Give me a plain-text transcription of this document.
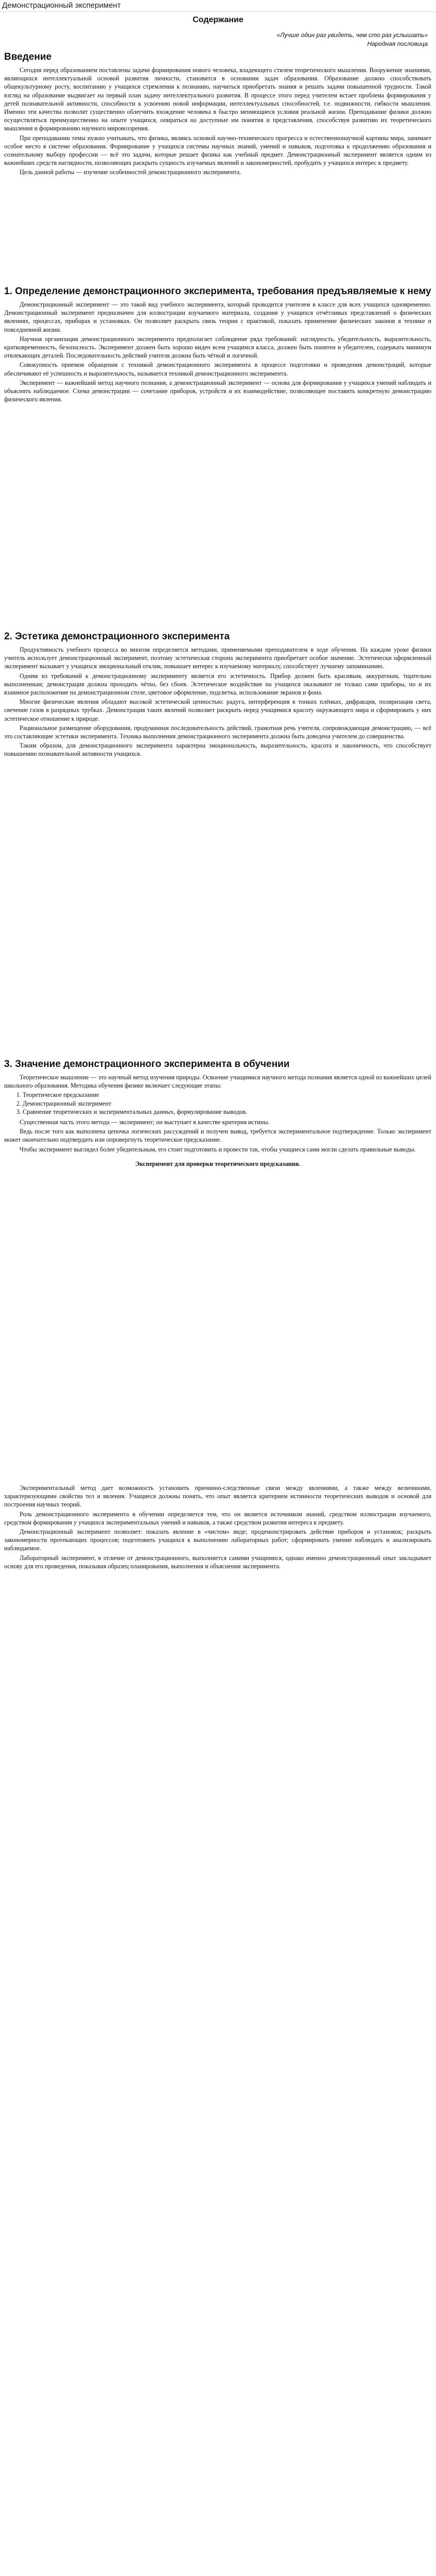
Демонстрационный эксперимент
Содержание
«Лучше один раз увидеть, чем сто раз услышать»
Народная пословица
Введение
Сегодня перед образованием поставлены задачи формирования нового человека, владеющего стилем теоретического мышления. Вооружение знаниями, являющихся интеллектуальной основой развития личности, становится в основании задач образования. Образование должно способствовать общекультурному росту, воспитанию у учащихся стремления к познанию, научиться приобретать знания и решать задачи повышенной трудности. Такой взгляд на образование выдвигает на первый план задачу интеллектуального развития. В процессе этого перед учителем встает проблема формирования у детей познавательной активности, способности к усвоению новой информации, интеллектуальных способностей, т.е. подвижности, гибкости мышления. Именно эти качества позволят существенно облегчить вхождение человека в быстро меняющиеся условия реальной жизни. Преподавание физики должно осуществляться преимущественно на опыте учащихся, опираться на доступные им понятия и представления, способствуя развитию их теоретического мышления и формированию научного мировоззрения.
При преподавании темы нужно учитывать, что физика, являясь основой научно-технического прогресса и естественнонаучной картины мира, занимает особое место в системе образования. Формирование у учащихся системы научных знаний, умений и навыков, подготовка к продолжению образования и сознательному выбору профессии — всё это задачи, которые решает физика как учебный предмет. Демонстрационный эксперимент является одним из важнейших средств наглядности, позволяющих раскрыть сущность изучаемых явлений и закономерностей, пробудить у учащихся интерес к предмету.
Цель данной работы — изучение особенностей демонстрационного эксперимента.
1. Определение демонстрационного эксперимента, требования предъявляемые к нему
Демонстрационный эксперимент — это такой вид учебного эксперимента, который проводится учителем в классе для всех учащихся одновременно. Демонстрационный эксперимент предназначен для иллюстрации изучаемого материала, создания у учащихся отчётливых представлений о физических явлениях, процессах, приборах и установках. Он позволяет раскрыть связь теории с практикой, показать применение физических законов в технике и повседневной жизни.
Научная организация демонстрационного эксперимента предполагает соблюдение ряда требований: наглядность, убедительность, выразительность, кратковременность, безопасность. Эксперимент должен быть хорошо виден всем учащимся класса, должен быть понятен и убедителен, содержать минимум отвлекающих деталей. Последовательность действий учителя должна быть чёткой и логичной.
Совокупность приемов обращения с техникой демонстрационного эксперимента в процессе подготовки и проведения демонстраций, которые обеспечивают её успешность и выразительность, называется техникой демонстрационного эксперимента.
Эксперимент — важнейший метод научного познания, а демонстрационный эксперимент — основа для формирования у учащихся умений наблюдать и объяснять наблюдаемое. Схема демонстрации — сочетание приборов, устройств и их взаимодействие, позволяющее поставить конкретную демонстрацию физического явления.
2. Эстетика демонстрационного эксперимента
Продуктивность учебного процесса во многом определяется методами, применяемыми преподавателем в ходе обучения. На каждом уроке физики учитель использует демонстрационный эксперимент, поэтому эстетическая сторона эксперимента приобретает особое значение. Эстетически оформленный эксперимент вызывает у учащихся эмоциональный отклик, повышает интерес к изучаемому материалу, способствует лучшему запоминанию.
Одним из требований к демонстрационному эксперименту является его эстетичность. Прибор должен быть красивым, аккуратным, тщательно выполненным; демонстрация должна проходить чётко, без сбоев. Эстетическое воздействие на учащихся оказывают не только сами приборы, но и их взаимное расположение на демонстрационном столе, цветовое оформление, подсветка, использование экранов и фона.
Многие физические явления обладают высокой эстетической ценностью: радуга, интерференция в тонких плёнках, дифракция, поляризация света, свечение газов в разрядных трубках. Демонстрация таких явлений позволяет раскрыть перед учащимися красоту окружающего мира и сформировать у них эстетическое отношение к природе.
Рациональное размещение оборудования, продуманная последовательность действий, грамотная речь учителя, сопровождающая демонстрацию, — всё это составляющие эстетики эксперимента. Техника выполнения демонстрационного эксперимента должна быть доведена учителем до совершенства.
Таким образом, для демонстрационного эксперимента характерна эмоциональность, выразительность, красота и лаконичность, что способствует повышению познавательной активности учащихся.
3. Значение демонстрационного эксперимента в обучении
Теоретическое мышление — это научный метод изучения природы. Освоение учащимися научного метода познания является одной из важнейших целей школьного образования. Методика обучения физике включает следующие этапы:
1. Теоретическое предсказание
2. Демонстрационный эксперимент
3. Сравнение теоретических и экспериментальных данных, формулирование выводов.
Существенная часть этого метода — эксперимент; он выступает в качестве критерия истины.
Ведь после того как выполнена цепочка логических рассуждений и получен вывод, требуется экспериментальное подтверждение. Только эксперимент может окончательно подтвердить или опровергнуть теоретическое предсказание.
Чтобы эксперимент выглядел более убедительным, его стоит подготовить и провести так, чтобы учащиеся сами могли сделать правильные выводы.
Эксперимент для проверки теоретического предсказания.
Экспериментальный метод дает возможность установить причинно-следственные связи между явлениями, а также между величинами, характеризующими свойства тел и явления. Учащиеся должны понять, что опыт является критерием истинности теоретических выводов и основой для построения научных теорий.
Роль демонстрационного эксперимента в обучении определяется тем, что он является источником знаний, средством иллюстрации изучаемого, средством формирования у учащихся экспериментальных умений и навыков, а также средством развития интереса к предмету.
Демонстрационный эксперимент позволяет: показать явление в «чистом» виде; продемонстрировать действие приборов и установок; раскрыть закономерности протекающих процессов; подготовить учащихся к выполнению лабораторных работ; сформировать умение наблюдать и анализировать наблюдаемое.
Лабораторный эксперимент, в отличие от демонстрационного, выполняется самими учащимися, однако именно демонстрационный опыт закладывает основу для его проведения, показывая образец планирования, выполнения и объяснения эксперимента.
